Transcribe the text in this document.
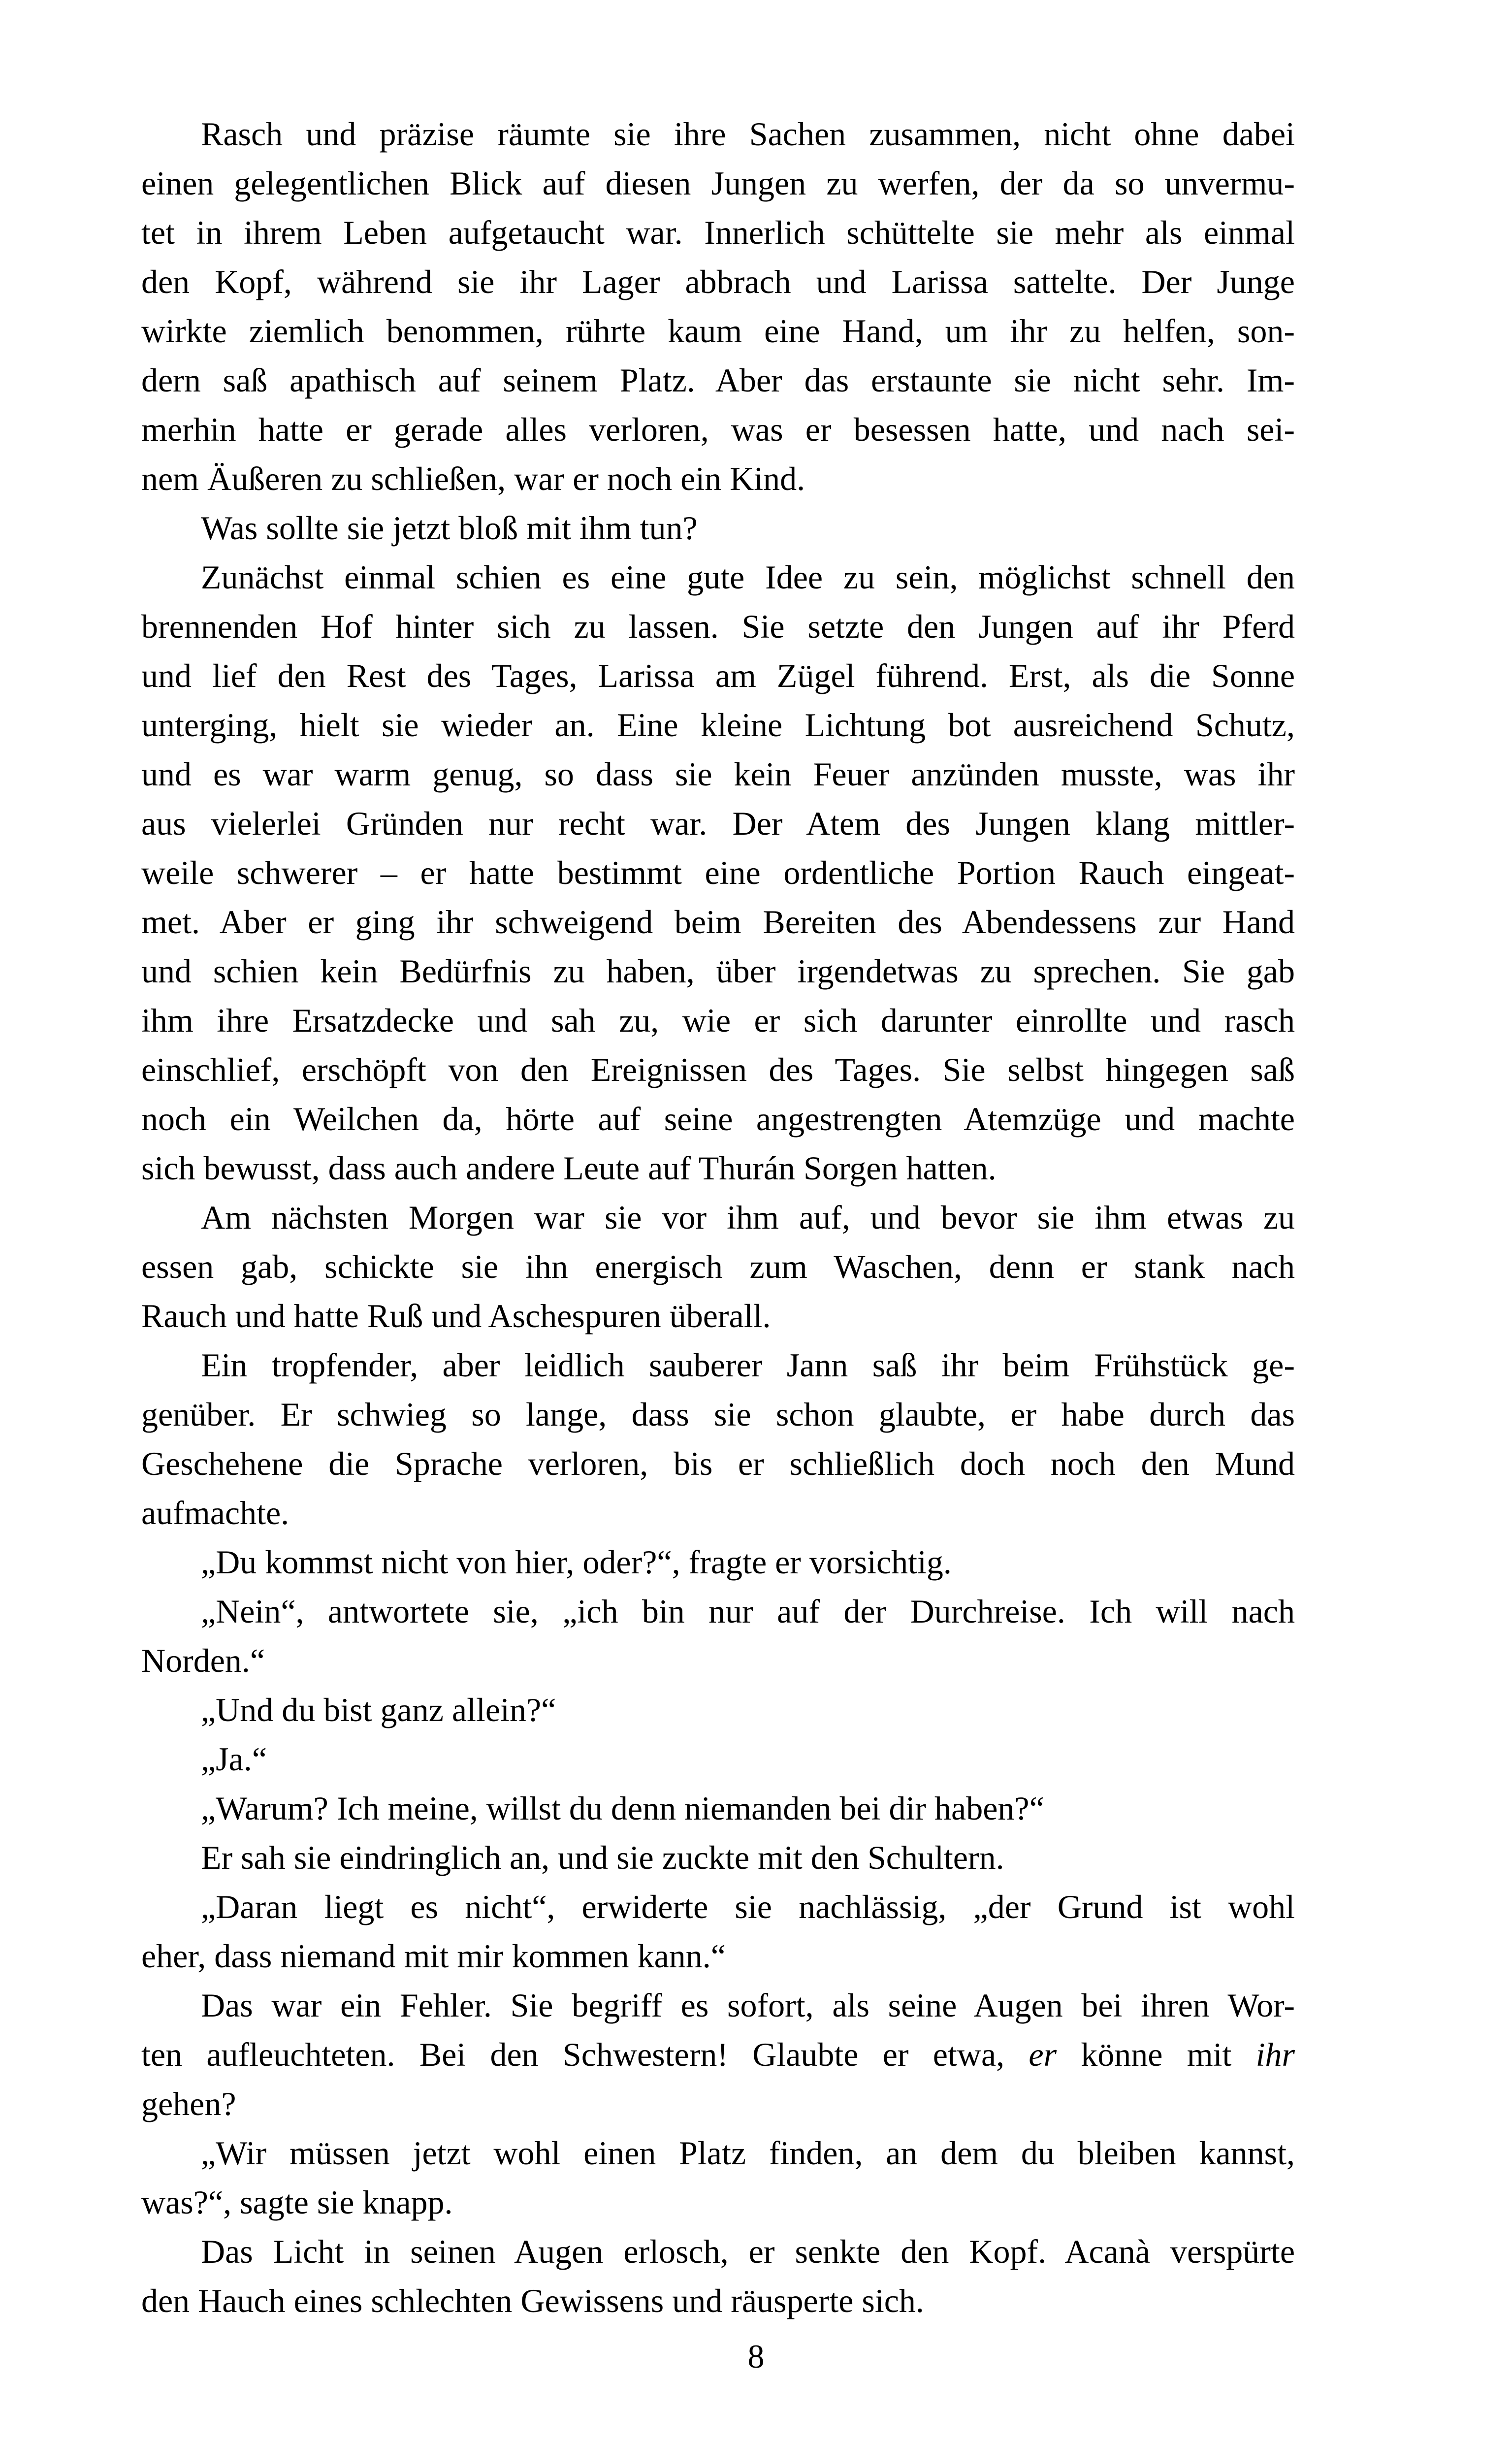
Rasch und präzise räumte sie ihre Sachen zusammen, nicht ohne dabei
einen gelegentlichen Blick auf diesen Jungen zu werfen, der da so unvermu-
tet in ihrem Leben aufgetaucht war. Innerlich schüttelte sie mehr als einmal
den Kopf, während sie ihr Lager abbrach und Larissa sattelte. Der Junge
wirkte ziemlich benommen, rührte kaum eine Hand, um ihr zu helfen, son-
dern saß apathisch auf seinem Platz. Aber das erstaunte sie nicht sehr. Im-
merhin hatte er gerade alles verloren, was er besessen hatte, und nach sei-
nem Äußeren zu schließen, war er noch ein Kind.
Was sollte sie jetzt bloß mit ihm tun?
Zunächst einmal schien es eine gute Idee zu sein, möglichst schnell den
brennenden Hof hinter sich zu lassen. Sie setzte den Jungen auf ihr Pferd
und lief den Rest des Tages, Larissa am Zügel führend. Erst, als die Sonne
unterging, hielt sie wieder an. Eine kleine Lichtung bot ausreichend Schutz,
und es war warm genug, so dass sie kein Feuer anzünden musste, was ihr
aus vielerlei Gründen nur recht war. Der Atem des Jungen klang mittler-
weile schwerer – er hatte bestimmt eine ordentliche Portion Rauch eingeat-
met. Aber er ging ihr schweigend beim Bereiten des Abendessens zur Hand
und schien kein Bedürfnis zu haben, über irgendetwas zu sprechen. Sie gab
ihm ihre Ersatzdecke und sah zu, wie er sich darunter einrollte und rasch
einschlief, erschöpft von den Ereignissen des Tages. Sie selbst hingegen saß
noch ein Weilchen da, hörte auf seine angestrengten Atemzüge und machte
sich bewusst, dass auch andere Leute auf Thurán Sorgen hatten.
Am nächsten Morgen war sie vor ihm auf, und bevor sie ihm etwas zu
essen gab, schickte sie ihn energisch zum Waschen, denn er stank nach
Rauch und hatte Ruß und Aschespuren überall.
Ein tropfender, aber leidlich sauberer Jann saß ihr beim Frühstück ge-
genüber. Er schwieg so lange, dass sie schon glaubte, er habe durch das
Geschehene die Sprache verloren, bis er schließlich doch noch den Mund
aufmachte.
„Du kommst nicht von hier, oder?“, fragte er vorsichtig.
„Nein“, antwortete sie, „ich bin nur auf der Durchreise. Ich will nach
Norden.“
„Und du bist ganz allein?“
„Ja.“
„Warum? Ich meine, willst du denn niemanden bei dir haben?“
Er sah sie eindringlich an, und sie zuckte mit den Schultern.
„Daran liegt es nicht“, erwiderte sie nachlässig, „der Grund ist wohl
eher, dass niemand mit mir kommen kann.“
Das war ein Fehler. Sie begriff es sofort, als seine Augen bei ihren Wor-
ten aufleuchteten. Bei den Schwestern! Glaubte er etwa, er könne mit ihr
gehen?
„Wir müssen jetzt wohl einen Platz finden, an dem du bleiben kannst,
was?“, sagte sie knapp.
Das Licht in seinen Augen erlosch, er senkte den Kopf. Acanà verspürte
den Hauch eines schlechten Gewissens und räusperte sich.
8
